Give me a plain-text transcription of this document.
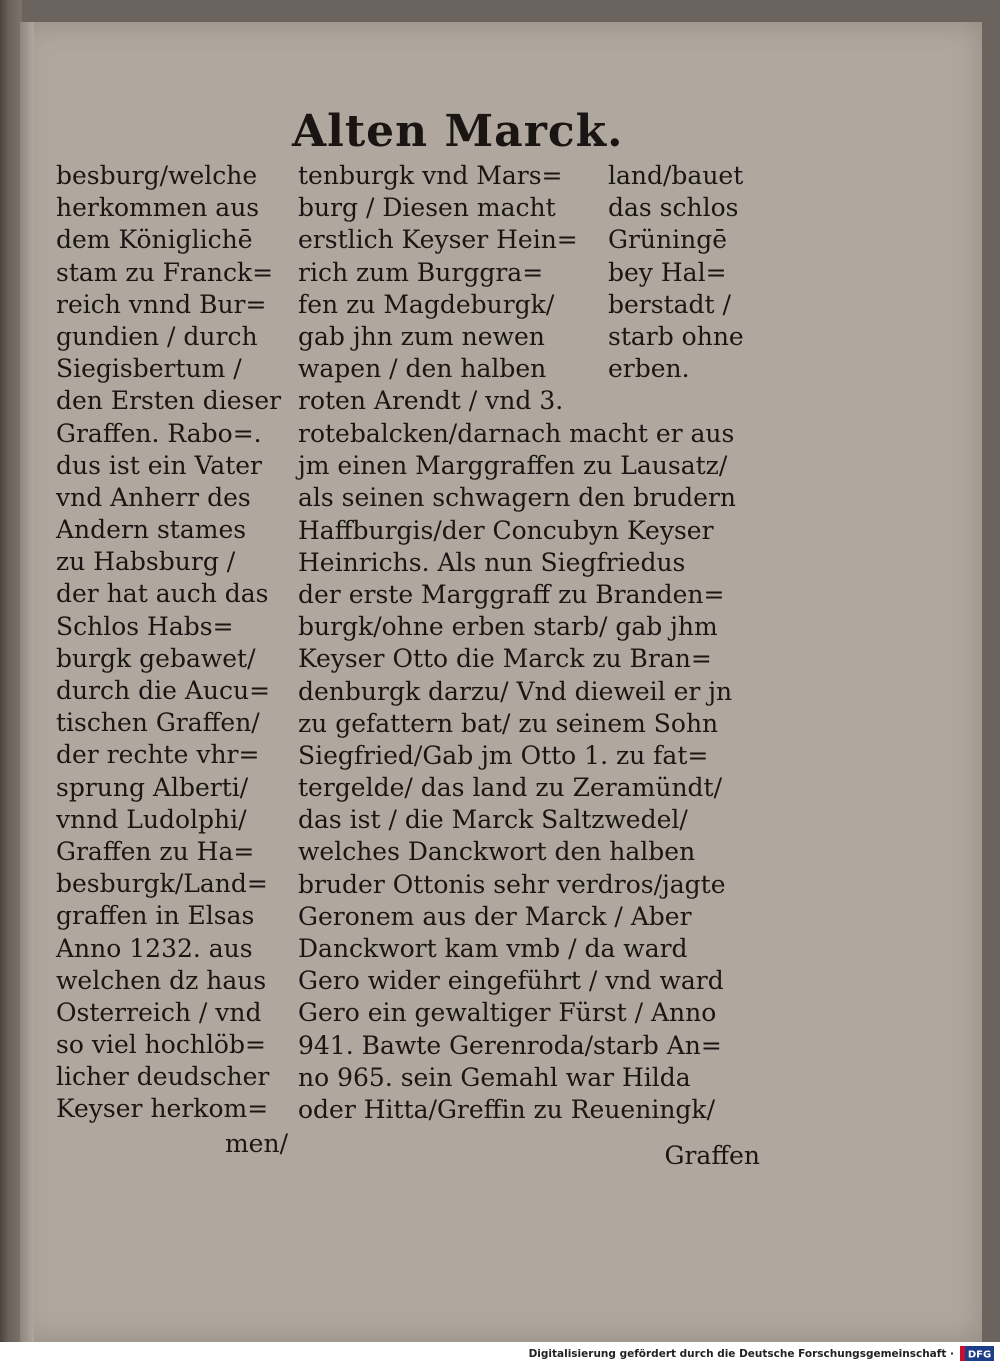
Alten Marck.
besburg/welche
herkommen aus
dem Königlichē
stam zu Franck=
reich vnnd Bur=
gundien / durch
Siegisbertum /
den Ersten dieser
Graffen. Rabo=.
dus ist ein Vater
vnd Anherr des
Andern stames
zu Habsburg /
der hat auch das
Schlos Habs=
burgk gebawet/
durch die Aucu=
tischen Graffen/
der rechte vhr=
sprung Alberti/
vnnd Ludolphi/
Graffen zu Ha=
besburgk/Land=
graffen in Elsas
Anno 1232. aus
welchen dz haus
Osterreich / vnd
so viel hochlöb=
licher deudscher
Keyser herkom=
tenburgk vnd Mars=
burg / Diesen macht
erstlich Keyser Hein=
rich zum Burggra=
fen zu Magdeburgk/
gab jhn zum newen
wapen / den halben
roten Arendt / vnd 3.
land/bauet
das schlos
Grüningē
bey Hal=
berstadt /
starb ohne
erben.
rotebalcken/darnach macht er aus
jm einen Marggraffen zu Lausatz/
als seinen schwagern den brudern
Haffburgis/der Concubyn Keyser
Heinrichs. Als nun Siegfriedus
der erste Marggraff zu Branden=
burgk/ohne erben starb/ gab jhm
Keyser Otto die Marck zu Bran=
denburgk darzu/ Vnd dieweil er jn
zu gefattern bat/ zu seinem Sohn
Siegfried/Gab jm Otto 1. zu fat=
tergelde/ das land zu Zeramündt/
das ist / die Marck Saltzwedel/
welches Danckwort den halben
bruder Ottonis sehr verdros/jagte
Geronem aus der Marck / Aber
Danckwort kam vmb / da ward
Gero wider eingeführt / vnd ward
Gero ein gewaltiger Fürst / Anno
941. Bawte Gerenroda/starb An=
no 965. sein Gemahl war Hilda
oder Hitta/Greffin zu Reueningk/
men/	Graffen
Digitalisierung gefördert durch die Deutsche Forschungsgemeinschaft · DFG
